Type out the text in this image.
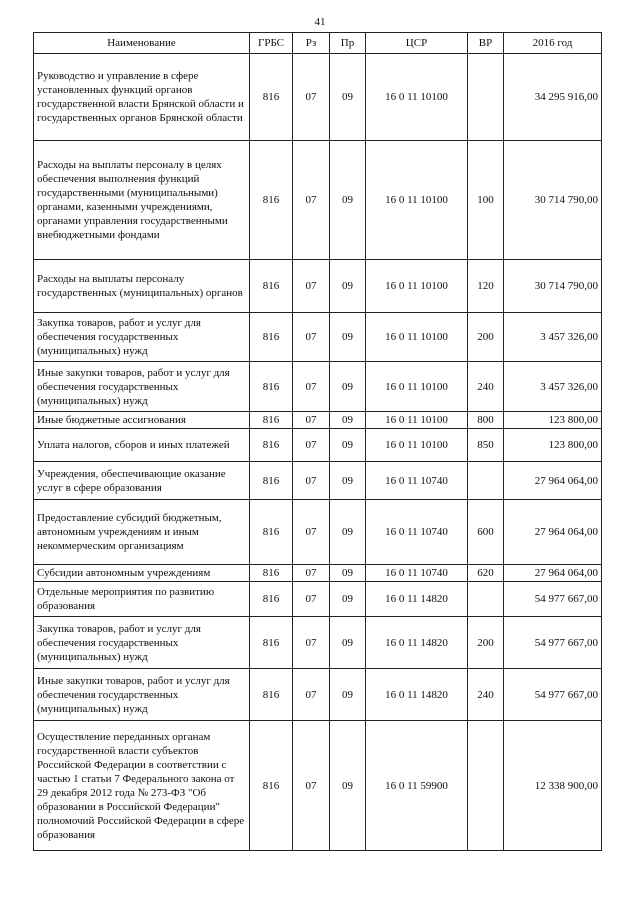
41
Наименование	ГРБС	Рз	Пр	ЦСР	ВР	2016 год
Руководство и управление в сфере установленных функций органов государственной власти Брянской области и государственных органов Брянской области	816	07	09	16 0 11 10100		34 295 916,00
Расходы на выплаты персоналу в целях обеспечения выполнения функций государственными (муниципальными) органами, казенными учреждениями, органами управления государственными внебюджетными фондами	816	07	09	16 0 11 10100	100	30 714 790,00
Расходы на выплаты персоналу государственных (муниципальных) органов	816	07	09	16 0 11 10100	120	30 714 790,00
Закупка товаров, работ и услуг для обеспечения государственных (муниципальных) нужд	816	07	09	16 0 11 10100	200	3 457 326,00
Иные закупки товаров, работ и услуг для обеспечения государственных (муниципальных) нужд	816	07	09	16 0 11 10100	240	3 457 326,00
Иные бюджетные ассигнования	816	07	09	16 0 11 10100	800	123 800,00
Уплата налогов, сборов и иных платежей	816	07	09	16 0 11 10100	850	123 800,00
Учреждения, обеспечивающие оказание услуг в сфере образования	816	07	09	16 0 11 10740		27 964 064,00
Предоставление субсидий бюджетным, автономным учреждениям и иным некоммерческим организациям	816	07	09	16 0 11 10740	600	27 964 064,00
Субсидии автономным учреждениям	816	07	09	16 0 11 10740	620	27 964 064,00
Отдельные мероприятия по развитию образования	816	07	09	16 0 11 14820		54 977 667,00
Закупка товаров, работ и услуг для обеспечения государственных (муниципальных) нужд	816	07	09	16 0 11 14820	200	54 977 667,00
Иные закупки товаров, работ и услуг для обеспечения государственных (муниципальных) нужд	816	07	09	16 0 11 14820	240	54 977 667,00
Осуществление переданных органам государственной власти субъектов Российской Федерации в соответствии с частью 1 статьи 7 Федерального закона от 29 декабря 2012 года № 273-ФЗ "Об образовании в Российской Федерации" полномочий Российской Федерации в сфере образования	816	07	09	16 0 11 59900		12 338 900,00
